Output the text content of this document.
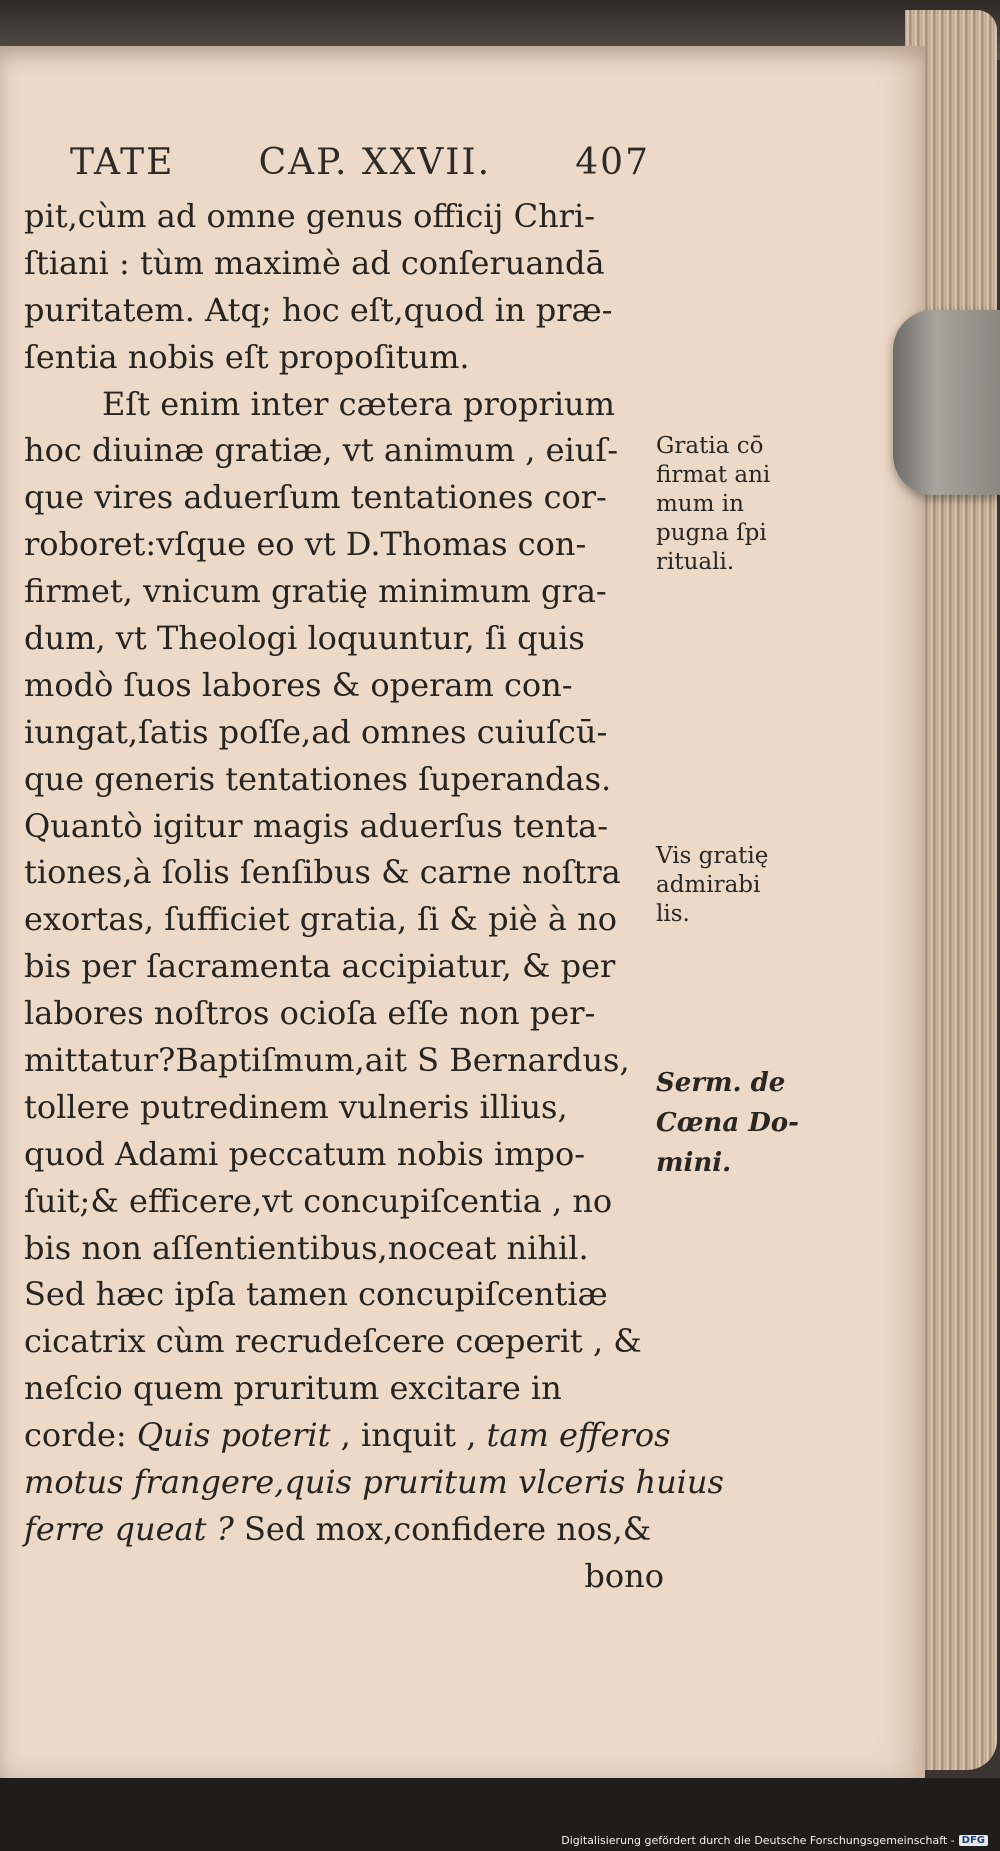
TATE CAP. XXVII. 407
pit,cùm ad omne genus officij Chri-
ſtiani : tùm maximè ad conſeruandā
puritatem. Atq; hoc eſt,quod in præ-
ſentia nobis eſt propoſitum.
Eſt enim inter cætera proprium
hoc diuinæ gratiæ, vt animum , eiuſ-
que vires aduerſum tentationes cor-
roboret:vſque eo vt D.Thomas con-
firmet, vnicum gratię minimum gra-
dum, vt Theologi loquuntur, ſi quis
modò ſuos labores & operam con-
iungat,ſatis poſſe,ad omnes cuiuſcū-
que generis tentationes ſuperandas.
Quantò igitur magis aduerſus tenta-
tiones,à ſolis ſenſibus & carne noſtra
exortas, ſufficiet gratia, ſi & piè à no
bis per ſacramenta accipiatur, & per
labores noſtros ocioſa eſſe non per-
mittatur?Baptiſmum,ait S Bernardus,
tollere putredinem vulneris illius,
quod Adami peccatum nobis impo-
ſuit;& efficere,vt concupiſcentia , no
bis non aſſentientibus,noceat nihil.
Sed hæc ipſa tamen concupiſcentiæ
cicatrix cùm recrudeſcere cœperit , &
neſcio quem pruritum excitare in
corde: Quis poterit , inquit , tam efferos
motus frangere,quis pruritum vlceris huius
ferre queat ? Sed mox,confidere nos,&
bono
Gratia cō
firmat ani
mum in
pugna ſpi
rituali.
Vis gratię
admirabi
lis.
Serm. de
Cœna Do-
mini.
Digitalisierung gefördert durch die Deutsche Forschungsgemeinschaft - DFG
